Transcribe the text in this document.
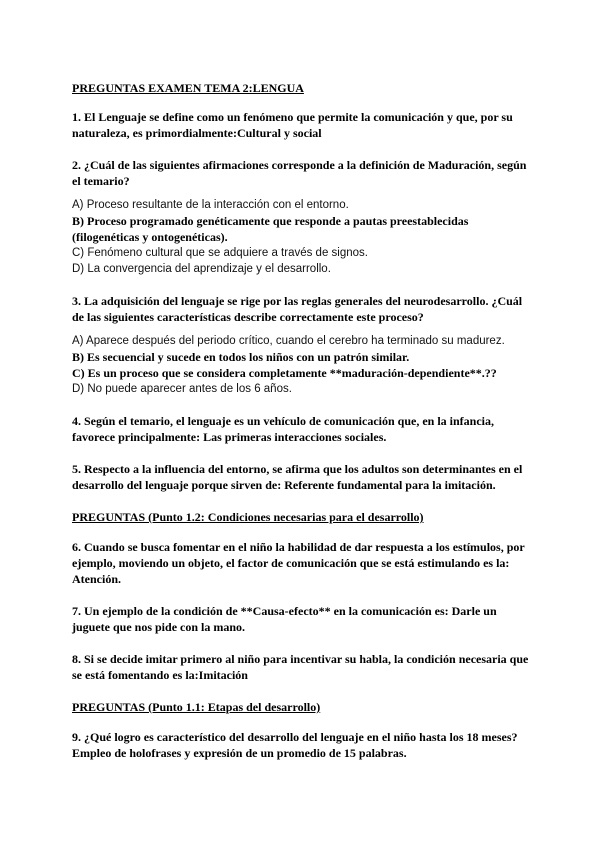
PREGUNTAS EXAMEN TEMA 2:LENGUA
1. El Lenguaje se define como un fenómeno que permite la comunicación y que, por su naturaleza, es primordialmente:Cultural y social
2. ¿Cuál de las siguientes afirmaciones corresponde a la definición de Maduración, según el temario?
A) Proceso resultante de la interacción con el entorno.
B) Proceso programado genéticamente que responde a pautas preestablecidas (filogenéticas y ontogenéticas).
C) Fenómeno cultural que se adquiere a través de signos.
D) La convergencia del aprendizaje y el desarrollo.
3. La adquisición del lenguaje se rige por las reglas generales del neurodesarrollo. ¿Cuál de las siguientes características describe correctamente este proceso?
A) Aparece después del periodo crítico, cuando el cerebro ha terminado su madurez.
B) Es secuencial y sucede en todos los niños con un patrón similar.
C) Es un proceso que se considera completamente **maduración-dependiente**.??
D) No puede aparecer antes de los 6 años.
4. Según el temario, el lenguaje es un vehículo de comunicación que, en la infancia, favorece principalmente: Las primeras interacciones sociales.
5. Respecto a la influencia del entorno, se afirma que los adultos son determinantes en el desarrollo del lenguaje porque sirven de: Referente fundamental para la imitación.
PREGUNTAS (Punto 1.2: Condiciones necesarias para el desarrollo)
6. Cuando se busca fomentar en el niño la habilidad de dar respuesta a los estímulos, por ejemplo, moviendo un objeto, el factor de comunicación que se está estimulando es la: Atención.
7. Un ejemplo de la condición de **Causa-efecto** en la comunicación es: Darle un juguete que nos pide con la mano.
8. Si se decide imitar primero al niño para incentivar su habla, la condición necesaria que se está fomentando es la:Imitación
PREGUNTAS (Punto 1.1: Etapas del desarrollo)
9. ¿Qué logro es característico del desarrollo del lenguaje en el niño hasta los 18 meses?Empleo de holofrases y expresión de un promedio de 15 palabras.
